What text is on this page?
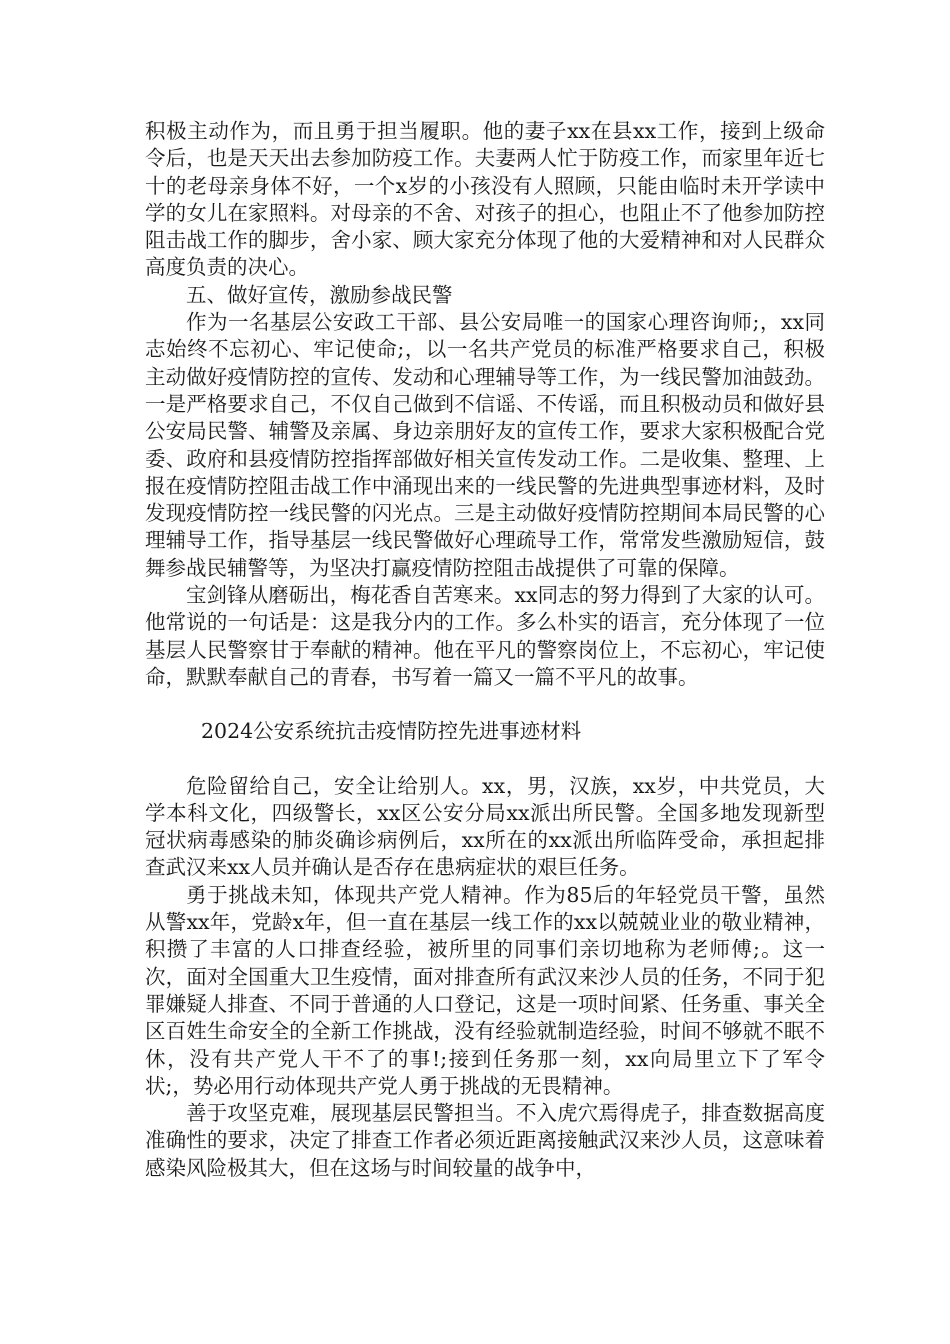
积极主动作为，而且勇于担当履职。他的妻子xx在县xx工作，接到上级命令后，也是天天出去参加防疫工作。夫妻两人忙于防疫工作，而家里年近七十的老母亲身体不好，一个x岁的小孩没有人照顾，只能由临时未开学读中学的女儿在家照料。对母亲的不舍、对孩子的担心，也阻止不了他参加防控阻击战工作的脚步，舍小家、顾大家充分体现了他的大爱精神和对人民群众高度负责的决心。

五、做好宣传，激励参战民警

作为一名基层公安政工干部、县公安局唯一的国家心理咨询师;，xx同志始终不忘初心、牢记使命;，以一名共产党员的标准严格要求自己，积极主动做好疫情防控的宣传、发动和心理辅导等工作，为一线民警加油鼓劲。一是严格要求自己，不仅自己做到不信谣、不传谣，而且积极动员和做好县公安局民警、辅警及亲属、身边亲朋好友的宣传工作，要求大家积极配合党委、政府和县疫情防控指挥部做好相关宣传发动工作。二是收集、整理、上报在疫情防控阻击战工作中涌现出来的一线民警的先进典型事迹材料，及时发现疫情防控一线民警的闪光点。三是主动做好疫情防控期间本局民警的心理辅导工作，指导基层一线民警做好心理疏导工作，常常发些激励短信，鼓舞参战民辅警等，为坚决打赢疫情防控阻击战提供了可靠的保障。

宝剑锋从磨砺出，梅花香自苦寒来。xx同志的努力得到了大家的认可。他常说的一句话是：这是我分内的工作。多么朴实的语言，充分体现了一位基层人民警察甘于奉献的精神。他在平凡的警察岗位上，不忘初心，牢记使命，默默奉献自己的青春，书写着一篇又一篇不平凡的故事。

2024公安系统抗击疫情防控先进事迹材料

危险留给自己，安全让给别人。xx，男，汉族，xx岁，中共党员，大学本科文化，四级警长，xx区公安分局xx派出所民警。全国多地发现新型冠状病毒感染的肺炎确诊病例后，xx所在的xx派出所临阵受命，承担起排查武汉来xx人员并确认是否存在患病症状的艰巨任务。

勇于挑战未知，体现共产党人精神。作为85后的年轻党员干警，虽然从警xx年，党龄x年，但一直在基层一线工作的xx以兢兢业业的敬业精神，积攒了丰富的人口排查经验，被所里的同事们亲切地称为老师傅;。这一次，面对全国重大卫生疫情，面对排查所有武汉来沙人员的任务，不同于犯罪嫌疑人排查、不同于普通的人口登记，这是一项时间紧、任务重、事关全区百姓生命安全的全新工作挑战，没有经验就制造经验，时间不够就不眠不休，没有共产党人干不了的事!;接到任务那一刻，xx向局里立下了军令状;，势必用行动体现共产党人勇于挑战的无畏精神。

善于攻坚克难，展现基层民警担当。不入虎穴焉得虎子，排查数据高度准确性的要求，决定了排查工作者必须近距离接触武汉来沙人员，这意味着感染风险极其大，但在这场与时间较量的战争中，
